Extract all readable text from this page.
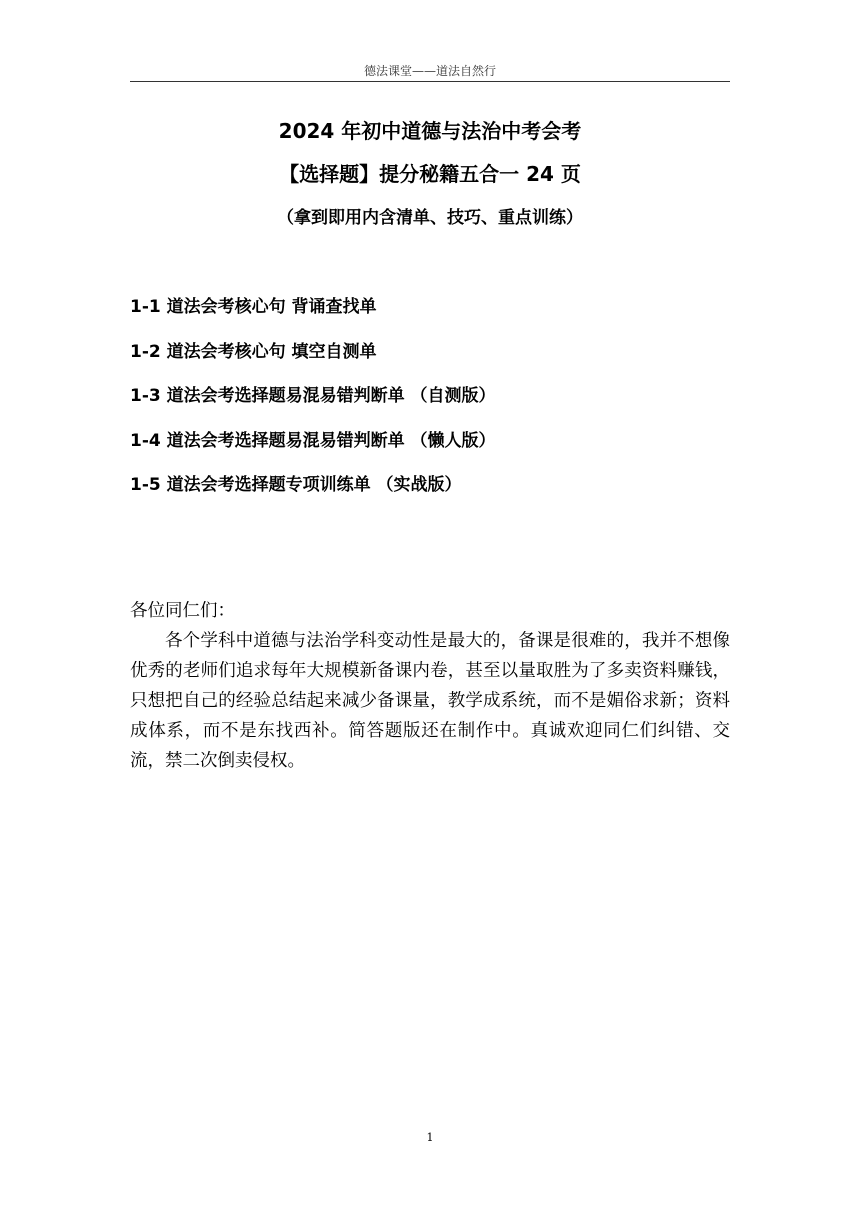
德法课堂——道法自然行
2024 年初中道德与法治中考会考
【选择题】提分秘籍五合一 24 页
（拿到即用内含清单、技巧、重点训练）
1-1 道法会考核心句 背诵查找单
1-2 道法会考核心句 填空自测单
1-3 道法会考选择题易混易错判断单 （自测版）
1-4 道法会考选择题易混易错判断单 （懒人版）
1-5 道法会考选择题专项训练单 （实战版）

各位同仁们：

各个学科中道德与法治学科变动性是最大的，备课是很难的，我并不想像优秀的老师们追求每年大规模新备课内卷，甚至以量取胜为了多卖资料赚钱，只想把自己的经验总结起来减少备课量，教学成系统，而不是媚俗求新；资料成体系，而不是东找西补。简答题版还在制作中。真诚欢迎同仁们纠错、交流，禁二次倒卖侵权。

1
